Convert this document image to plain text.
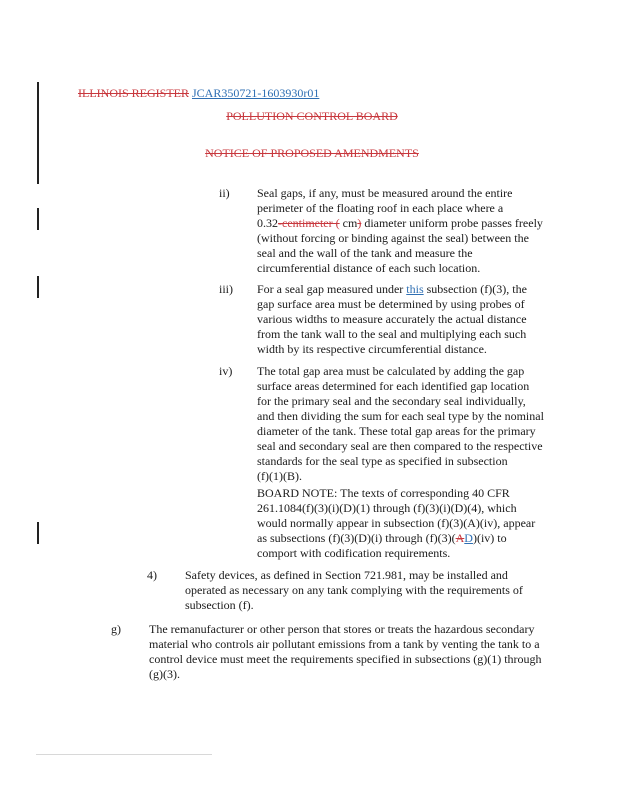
ILLINOIS REGISTER JCAR350721-1603930r01
POLLUTION CONTROL BOARD
NOTICE OF PROPOSED AMENDMENTS
ii) Seal gaps, if any, must be measured around the entire
perimeter of the floating roof in each place where a
0.32-centimeter ( cm) diameter uniform probe passes freely
(without forcing or binding against the seal) between the
seal and the wall of the tank and measure the
circumferential distance of each such location.
iii) For a seal gap measured under this subsection (f)(3), the
gap surface area must be determined by using probes of
various widths to measure accurately the actual distance
from the tank wall to the seal and multiplying each such
width by its respective circumferential distance.
iv) The total gap area must be calculated by adding the gap
surface areas determined for each identified gap location
for the primary seal and the secondary seal individually,
and then dividing the sum for each seal type by the nominal
diameter of the tank. These total gap areas for the primary
seal and secondary seal are then compared to the respective
standards for the seal type as specified in subsection
(f)(1)(B).
BOARD NOTE: The texts of corresponding 40 CFR
261.1084(f)(3)(i)(D)(1) through (f)(3)(i)(D)(4), which
would normally appear in subsection (f)(3)(A)(iv), appear
as subsections (f)(3)(D)(i) through (f)(3)(AD)(iv) to
comport with codification requirements.
4) Safety devices, as defined in Section 721.981, may be installed and
operated as necessary on any tank complying with the requirements of
subsection (f).
g) The remanufacturer or other person that stores or treats the hazardous secondary
material who controls air pollutant emissions from a tank by venting the tank to a
control device must meet the requirements specified in subsections (g)(1) through
(g)(3).
